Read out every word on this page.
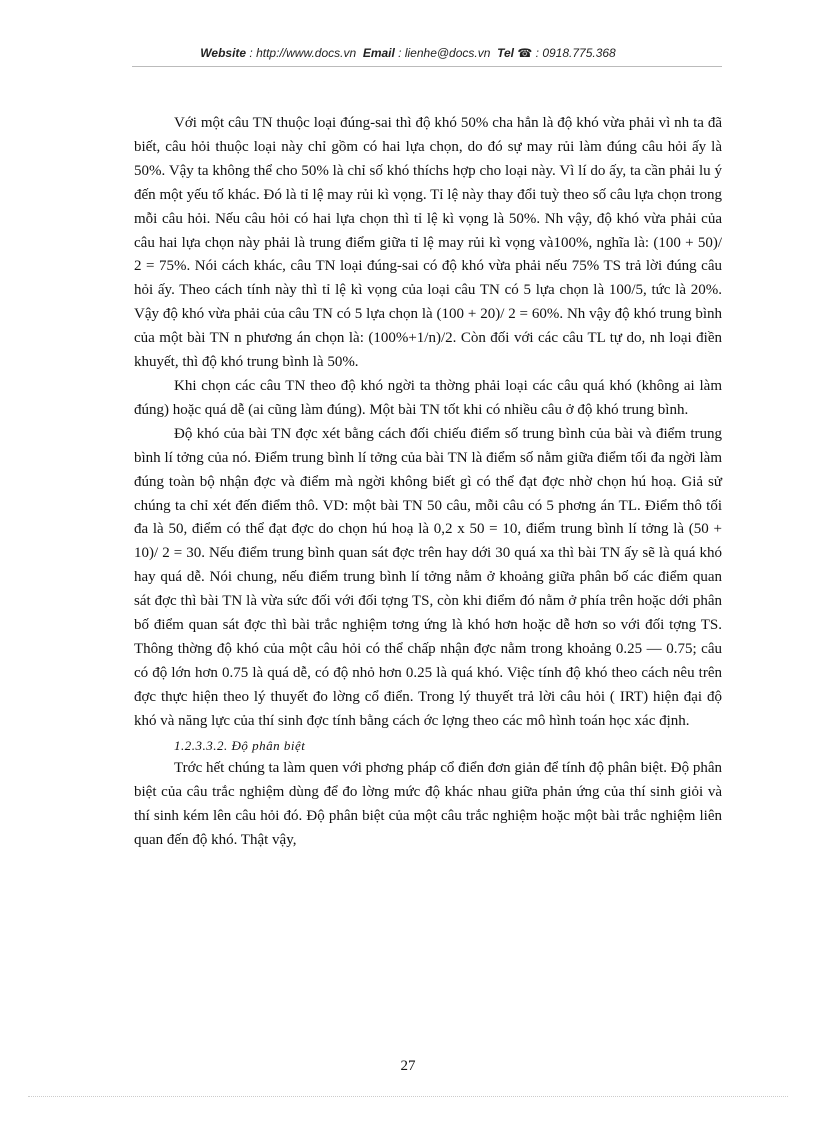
Website : http://www.docs.vn Email : lienhe@docs.vn Tel ☎ : 0918.775.368

Với một câu TN thuộc loại đúng-sai thì độ khó 50% cha hẳn là độ khó vừa phải vì nh ta đã biết, câu hỏi thuộc loại này chỉ gồm có hai lựa chọn, do đó sự may rủi làm đúng câu hỏi ấy là 50%. Vậy ta không thể cho 50% là chỉ số khó thíchs hợp cho loại này. Vì lí do ấy, ta cần phải lu ý đến một yếu tố khác. Đó là tỉ lệ may rủi kì vọng. Tỉ lệ này thay đổi tuỳ theo số câu lựa chọn trong mỗi câu hỏi. Nếu câu hỏi có hai lựa chọn thì tỉ lệ kì vọng là 50%. Nh vậy, độ khó vừa phải của câu hai lựa chọn này phải là trung điểm giữa tỉ lệ may rủi kì vọng và100%, nghĩa là: (100 + 50)/ 2 = 75%. Nói cách khác, câu TN loại đúng-sai có độ khó vừa phải nếu 75% TS trả lời đúng câu hỏi ấy. Theo cách tính này thì tỉ lệ kì vọng của loại câu TN có 5 lựa chọn là 100/5, tức là 20%. Vậy độ khó vừa phải của câu TN có 5 lựa chọn là (100 + 20)/ 2 = 60%. Nh vậy độ khó trung bình của một bài TN n phương án chọn là: (100%+1/n)/2. Còn đối với các câu TL tự do, nh loại điền khuyết, thì độ khó trung bình là 50%.

Khi chọn các câu TN theo độ khó ngời ta thờng phải loại các câu quá khó (không ai làm đúng) hoặc quá dễ (ai cũng làm đúng). Một bài TN tốt khi có nhiều câu ở độ khó trung bình.

Độ khó của bài TN đợc xét bằng cách đối chiếu điểm số trung bình của bài và điểm trung bình lí tởng của nó. Điểm trung bình lí tởng của bài TN là điểm số nằm giữa điểm tối đa ngời làm đúng toàn bộ nhận đợc và điểm mà ngời không biết gì có thể đạt đợc nhờ chọn hú hoạ. Giả sử chúng ta chỉ xét đến điểm thô. VD: một bài TN 50 câu, mỗi câu có 5 phơng án TL. Điểm thô tối đa là 50, điểm có thể đạt đợc do chọn hú hoạ là 0,2 x 50 = 10, điểm trung bình lí tởng là (50 + 10)/ 2 = 30. Nếu điểm trung bình quan sát đợc trên hay dới 30 quá xa thì bài TN ấy sẽ là quá khó hay quá dễ. Nói chung, nếu điểm trung bình lí tởng nằm ở khoảng giữa phân bố các điểm quan sát đợc thì bài TN là vừa sức đối với đối tợng TS, còn khi điểm đó nằm ở phía trên hoặc dới phân bố điểm quan sát đợc thì bài trắc nghiệm tơng ứng là khó hơn hoặc dễ hơn so với đối tợng TS. Thông thờng độ khó của một câu hỏi có thể chấp nhận đợc nằm trong khoảng 0.25 — 0.75; câu có độ lớn hơn 0.75 là quá dễ, có độ nhỏ hơn 0.25 là quá khó. Việc tính độ khó theo cách nêu trên đợc thực hiện theo lý thuyết đo lờng cổ điển. Trong lý thuyết trả lời câu hỏi ( IRT) hiện đại độ khó và năng lực của thí sinh đợc tính bằng cách ớc lợng theo các mô hình toán học xác định.

1.2.3.3.2. Độ phân biệt

Trớc hết chúng ta làm quen với phơng pháp cổ điển đơn giản để tính độ phân biệt. Độ phân biệt của câu trắc nghiệm dùng để đo lờng mức độ khác nhau giữa phản ứng của thí sinh giỏi và thí sinh kém lên câu hỏi đó. Độ phân biệt của một câu trắc nghiệm hoặc một bài trắc nghiệm liên quan đến độ khó. Thật vậy,

27
